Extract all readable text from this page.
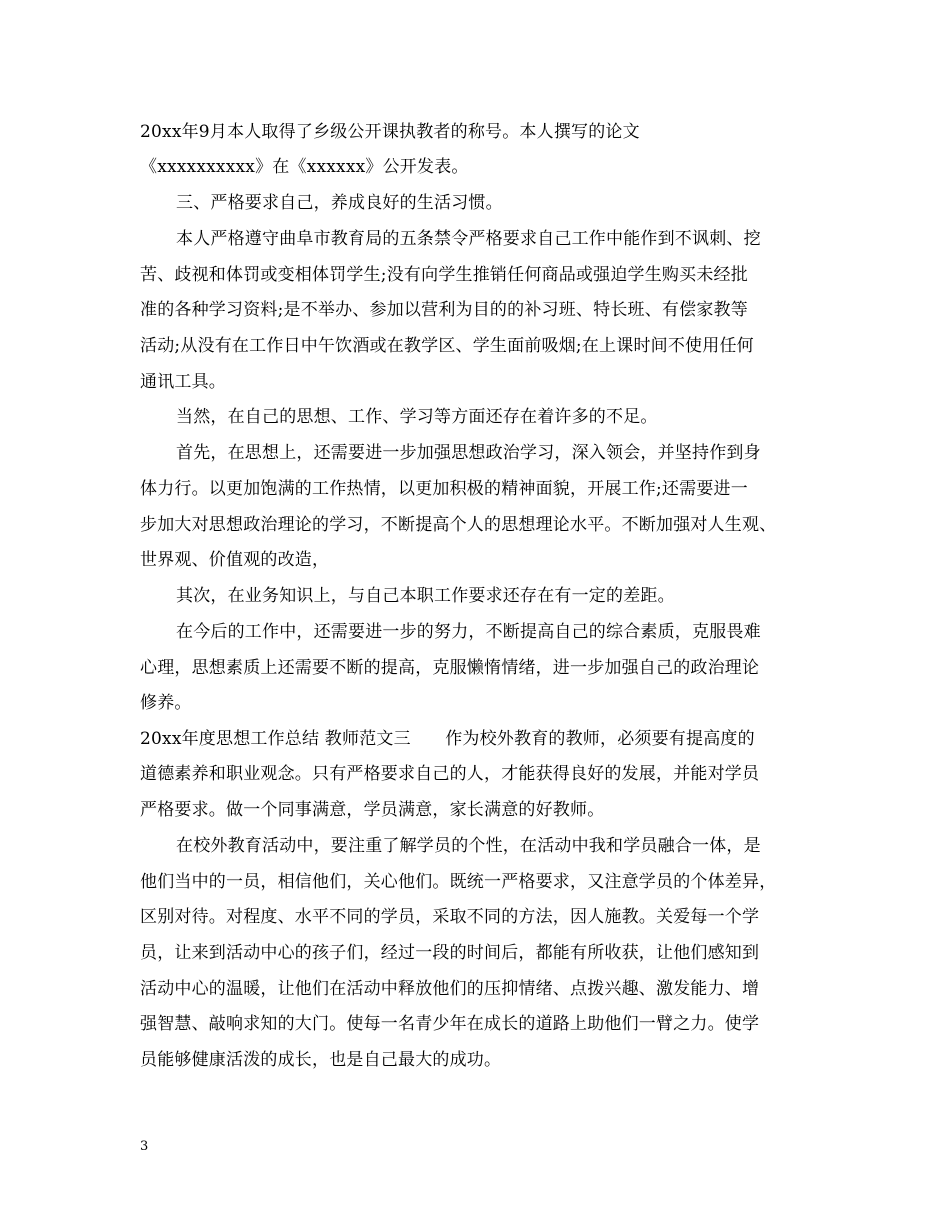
20xx年9月本人取得了乡级公开课执教者的称号。本人撰写的论文
《xxxxxxxxxx》在《xxxxxx》公开发表。
三、严格要求自己，养成良好的生活习惯。
本人严格遵守曲阜市教育局的五条禁令严格要求自己工作中能作到不讽刺、挖
苦、歧视和体罚或变相体罚学生;没有向学生推销任何商品或强迫学生购买未经批
准的各种学习资料;是不举办、参加以营利为目的的补习班、特长班、有偿家教等
活动;从没有在工作日中午饮酒或在教学区、学生面前吸烟;在上课时间不使用任何
通讯工具。
当然，在自己的思想、工作、学习等方面还存在着许多的不足。
首先，在思想上，还需要进一步加强思想政治学习，深入领会，并坚持作到身
体力行。以更加饱满的工作热情，以更加积极的精神面貌，开展工作;还需要进一
步加大对思想政治理论的学习，不断提高个人的思想理论水平。不断加强对人生观、
世界观、价值观的改造，
其次，在业务知识上，与自己本职工作要求还存在有一定的差距。
在今后的工作中，还需要进一步的努力，不断提高自己的综合素质，克服畏难
心理，思想素质上还需要不断的提高，克服懒惰情绪，进一步加强自己的政治理论
修养。
20xx年度思想工作总结 教师范文三　　作为校外教育的教师，必须要有提高度的
道德素养和职业观念。只有严格要求自己的人，才能获得良好的发展，并能对学员
严格要求。做一个同事满意，学员满意，家长满意的好教师。
在校外教育活动中，要注重了解学员的个性，在活动中我和学员融合一体，是
他们当中的一员，相信他们，关心他们。既统一严格要求，又注意学员的个体差异，
区别对待。对程度、水平不同的学员，采取不同的方法，因人施教。关爱每一个学
员，让来到活动中心的孩子们，经过一段的时间后，都能有所收获，让他们感知到
活动中心的温暖，让他们在活动中释放他们的压抑情绪、点拨兴趣、激发能力、增
强智慧、敲响求知的大门。使每一名青少年在成长的道路上助他们一臂之力。使学
员能够健康活泼的成长，也是自己最大的成功。
3
